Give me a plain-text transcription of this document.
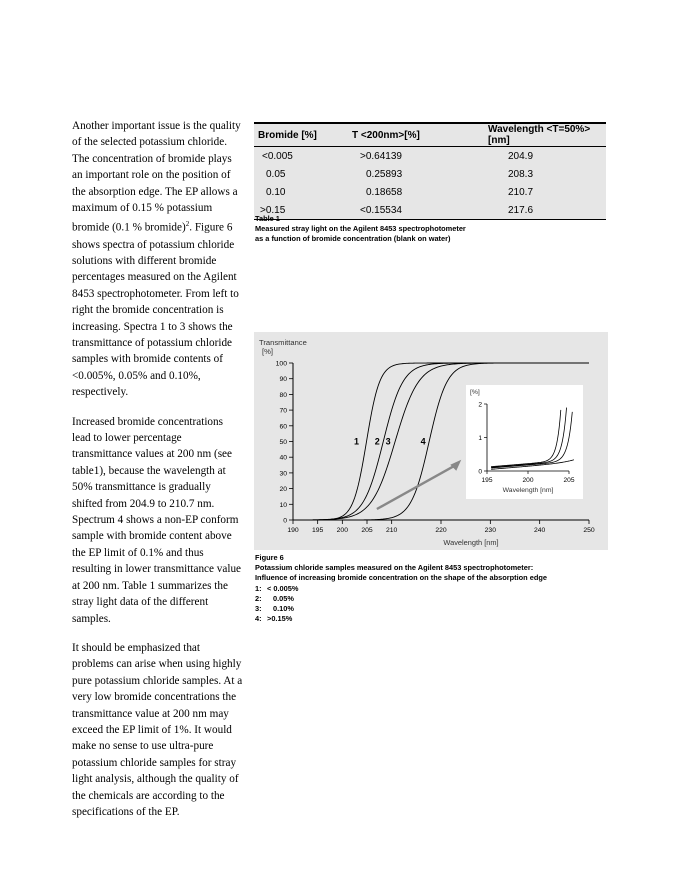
Another important issue is the quality of the selected potassium chloride. The concentration of bromide plays an important role on the position of the absorption edge. The EP allows a maximum of 0.15 % potassium bromide (0.1 % bromide)$^2$. Figure 6 shows spectra of potassium chloride solutions with different bromide percentages measured on the Agilent 8453 spectrophotometer. From left to right the bromide concentration is increasing. Spectra 1 to 3 shows the transmittance of potassium chloride samples with bromide contents of <0.005%, 0.05% and 0.10%, respectively.

Increased bromide concentrations lead to lower percentage transmittance values at 200 nm (see table1), because the wavelength at 50% transmittance is gradually shifted from 204.9 to 210.7 nm. Spectrum 4 shows a non-EP conform sample with bromide content above the EP limit of 0.1% and thus resulting in lower transmittance value at 200 nm. Table 1 summarizes the stray light data of the different samples.

It should be emphasized that problems can arise when using highly pure potassium chloride samples. At a very low bromide concentrations the transmittance value at 200 nm may exceed the EP limit of 1%. It would make no sense to use ultra-pure potassium chloride samples for stray light analysis, although the quality of the chemicals are according to the specifications of the EP.

Bromide [%]	T <200nm>[%]	Wavelength <T=50%> [nm]
<0.005	>0.64139	204.9
0.05	0.25893	208.3
0.10	0.18658	210.7
>0.15	<0.15534	217.6
Table 1
Measured stray light on the Agilent 8453 spectrophotometer
as a function of bromide concentration (blank on water)
Transmittance
[%]
0
10
20
30
40
50
60
70
80
90
100
190 195 200 205 210	220	230	240	250
Wavelength [nm]
1 2 3	4
[%]
0
1
2
195	200	205
Wavelength [nm]
Figure 6
Potassium chloride samples measured on the Agilent 8453 spectrophotometer:
Influence of increasing bromide concentration on the shape of the absorption edge
1: < 0.005%
2: 0.05%
3: 0.10%
4: >0.15%
